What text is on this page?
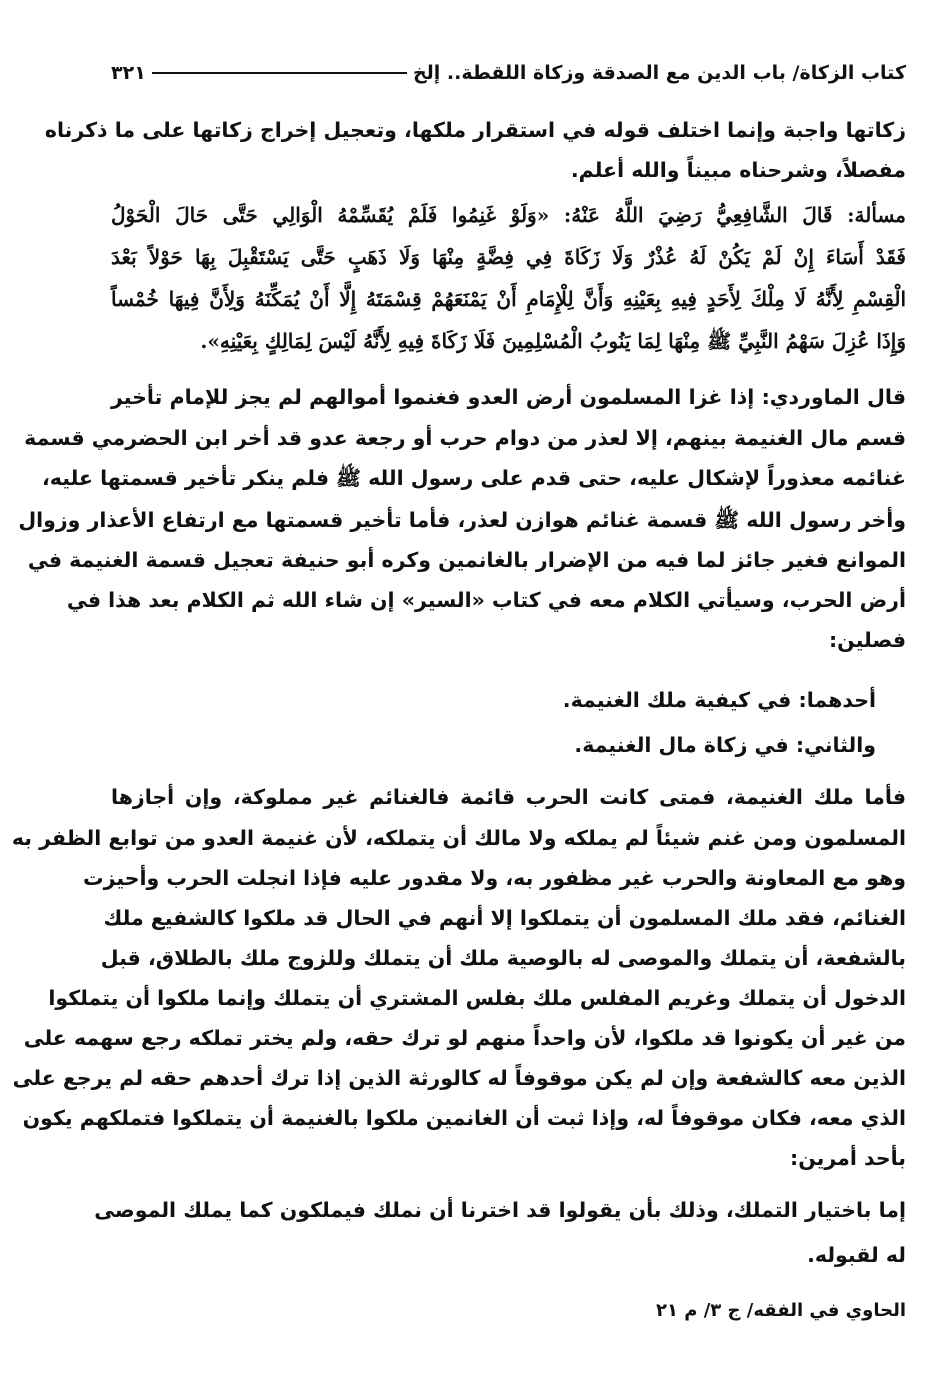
كتاب الزكاة/ باب الدين مع الصدقة وزكاة اللقطة.. إلخ
٣٢١
زكاتها واجبة وإنما اختلف قوله في استقرار ملكها، وتعجيل إخراج زكاتها على ما ذكرناه
مفصلاً، وشرحناه مبيناً والله أعلم.
مسألة: قَالَ الشَّافِعِيُّ رَضِيَ اللَّهُ عَنْهُ: «وَلَوْ غَنِمُوا فَلَمْ يُقَسِّمْهُ الْوَالِي حَتَّى حَالَ الْحَوْلُ
فَقَدْ أَسَاءَ إِنْ لَمْ يَكُنْ لَهُ عُذْرٌ وَلَا زَكَاةَ فِي فِضَّةٍ مِنْهَا وَلَا ذَهَبٍ حَتَّى يَسْتَقْبِلَ بِهَا حَوْلاً بَعْدَ
الْقِسْمِ لِأَنَّهُ لَا مِلْكَ لِأَحَدٍ فِيهِ بِعَيْنِهِ وَأَنَّ لِلْإِمَامِ أَنْ يَمْنَعَهُمْ قِسْمَتَهُ إِلَّا أَنْ يُمَكِّنَهُ وَلِأَنَّ فِيهَا خُمْساً
وَإِذَا عُزِلَ سَهْمُ النَّبِيِّ ﷺ مِنْهَا لِمَا يَنُوبُ الْمُسْلِمِينَ فَلَا زَكَاةَ فِيهِ لِأَنَّهُ لَيْسَ لِمَالِكٍ بِعَيْنِهِ».
قال الماوردي: إذا غزا المسلمون أرض العدو فغنموا أموالهم لم يجز للإمام تأخير
قسم مال الغنيمة بينهم، إلا لعذر من دوام حرب أو رجعة عدو قد أخر ابن الحضرمي قسمة
غنائمه معذوراً لإشكال عليه، حتى قدم على رسول الله ﷺ فلم ينكر تأخير قسمتها عليه،
وأخر رسول الله ﷺ قسمة غنائم هوازن لعذر، فأما تأخير قسمتها مع ارتفاع الأعذار وزوال
الموانع فغير جائز لما فيه من الإضرار بالغانمين وكره أبو حنيفة تعجيل قسمة الغنيمة في
أرض الحرب، وسيأتي الكلام معه في كتاب «السير» إن شاء الله ثم الكلام بعد هذا في
فصلين:
أحدهما: في كيفية ملك الغنيمة.
والثاني: في زكاة مال الغنيمة.
فأما ملك الغنيمة، فمتى كانت الحرب قائمة فالغنائم غير مملوكة، وإن أجازها
المسلمون ومن غنم شيئاً لم يملكه ولا مالك أن يتملكه، لأن غنيمة العدو من توابع الظفر به
وهو مع المعاونة والحرب غير مظفور به، ولا مقدور عليه فإذا انجلت الحرب وأحيزت
الغنائم، فقد ملك المسلمون أن يتملكوا إلا أنهم في الحال قد ملكوا كالشفيع ملك
بالشفعة، أن يتملك والموصى له بالوصية ملك أن يتملك وللزوج ملك بالطلاق، قبل
الدخول أن يتملك وغريم المفلس ملك بفلس المشتري أن يتملك وإنما ملكوا أن يتملكوا
من غير أن يكونوا قد ملكوا، لأن واحداً منهم لو ترك حقه، ولم يختر تملكه رجع سهمه على
الذين معه كالشفعة وإن لم يكن موقوفاً له كالورثة الذين إذا ترك أحدهم حقه لم يرجع على
الذي معه، فكان موقوفاً له، وإذا ثبت أن الغانمين ملكوا بالغنيمة أن يتملكوا فتملكهم يكون
بأحد أمرين:
إما باختيار التملك، وذلك بأن يقولوا قد اخترنا أن نملك فيملكون كما يملك الموصى
له لقبوله.
الحاوي في الفقه/ ج ٣/ م ٢١
